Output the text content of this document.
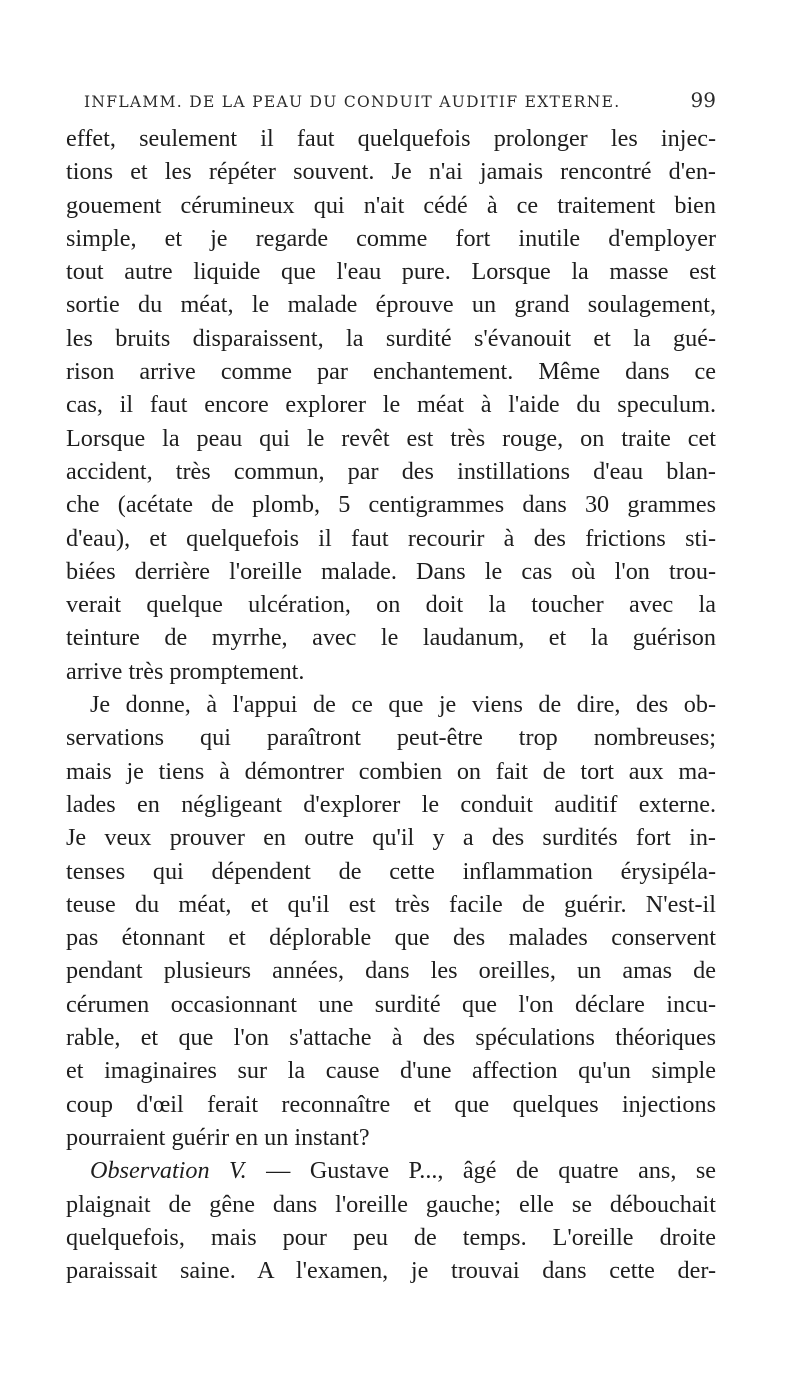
INFLAMM. DE LA PEAU DU CONDUIT AUDITIF EXTERNE.	99

effet, seulement il faut quelquefois prolonger les injec-
tions et les répéter souvent. Je n'ai jamais rencontré d'en-
gouement cérumineux qui n'ait cédé à ce traitement bien
simple, et je regarde comme fort inutile d'employer
tout autre liquide que l'eau pure. Lorsque la masse est
sortie du méat, le malade éprouve un grand soulagement,
les bruits disparaissent, la surdité s'évanouit et la gué-
rison arrive comme par enchantement. Même dans ce
cas, il faut encore explorer le méat à l'aide du speculum.
Lorsque la peau qui le revêt est très rouge, on traite cet
accident, très commun, par des instillations d'eau blan-
che (acétate de plomb, 5 centigrammes dans 30 grammes
d'eau), et quelquefois il faut recourir à des frictions sti-
biées derrière l'oreille malade. Dans le cas où l'on trou-
verait quelque ulcération, on doit la toucher avec la
teinture de myrrhe, avec le laudanum, et la guérison
arrive très promptement.

Je donne, à l'appui de ce que je viens de dire, des ob-
servations qui paraîtront peut-être trop nombreuses;
mais je tiens à démontrer combien on fait de tort aux ma-
lades en négligeant d'explorer le conduit auditif externe.
Je veux prouver en outre qu'il y a des surdités fort in-
tenses qui dépendent de cette inflammation érysipéla-
teuse du méat, et qu'il est très facile de guérir. N'est-il
pas étonnant et déplorable que des malades conservent
pendant plusieurs années, dans les oreilles, un amas de
cérumen occasionnant une surdité que l'on déclare incu-
rable, et que l'on s'attache à des spéculations théoriques
et imaginaires sur la cause d'une affection qu'un simple
coup d'œil ferait reconnaître et que quelques injections
pourraient guérir en un instant?

Observation V. — Gustave P..., âgé de quatre ans, se
plaignait de gêne dans l'oreille gauche; elle se débouchait
quelquefois, mais pour peu de temps. L'oreille droite
paraissait saine. A l'examen, je trouvai dans cette der-
